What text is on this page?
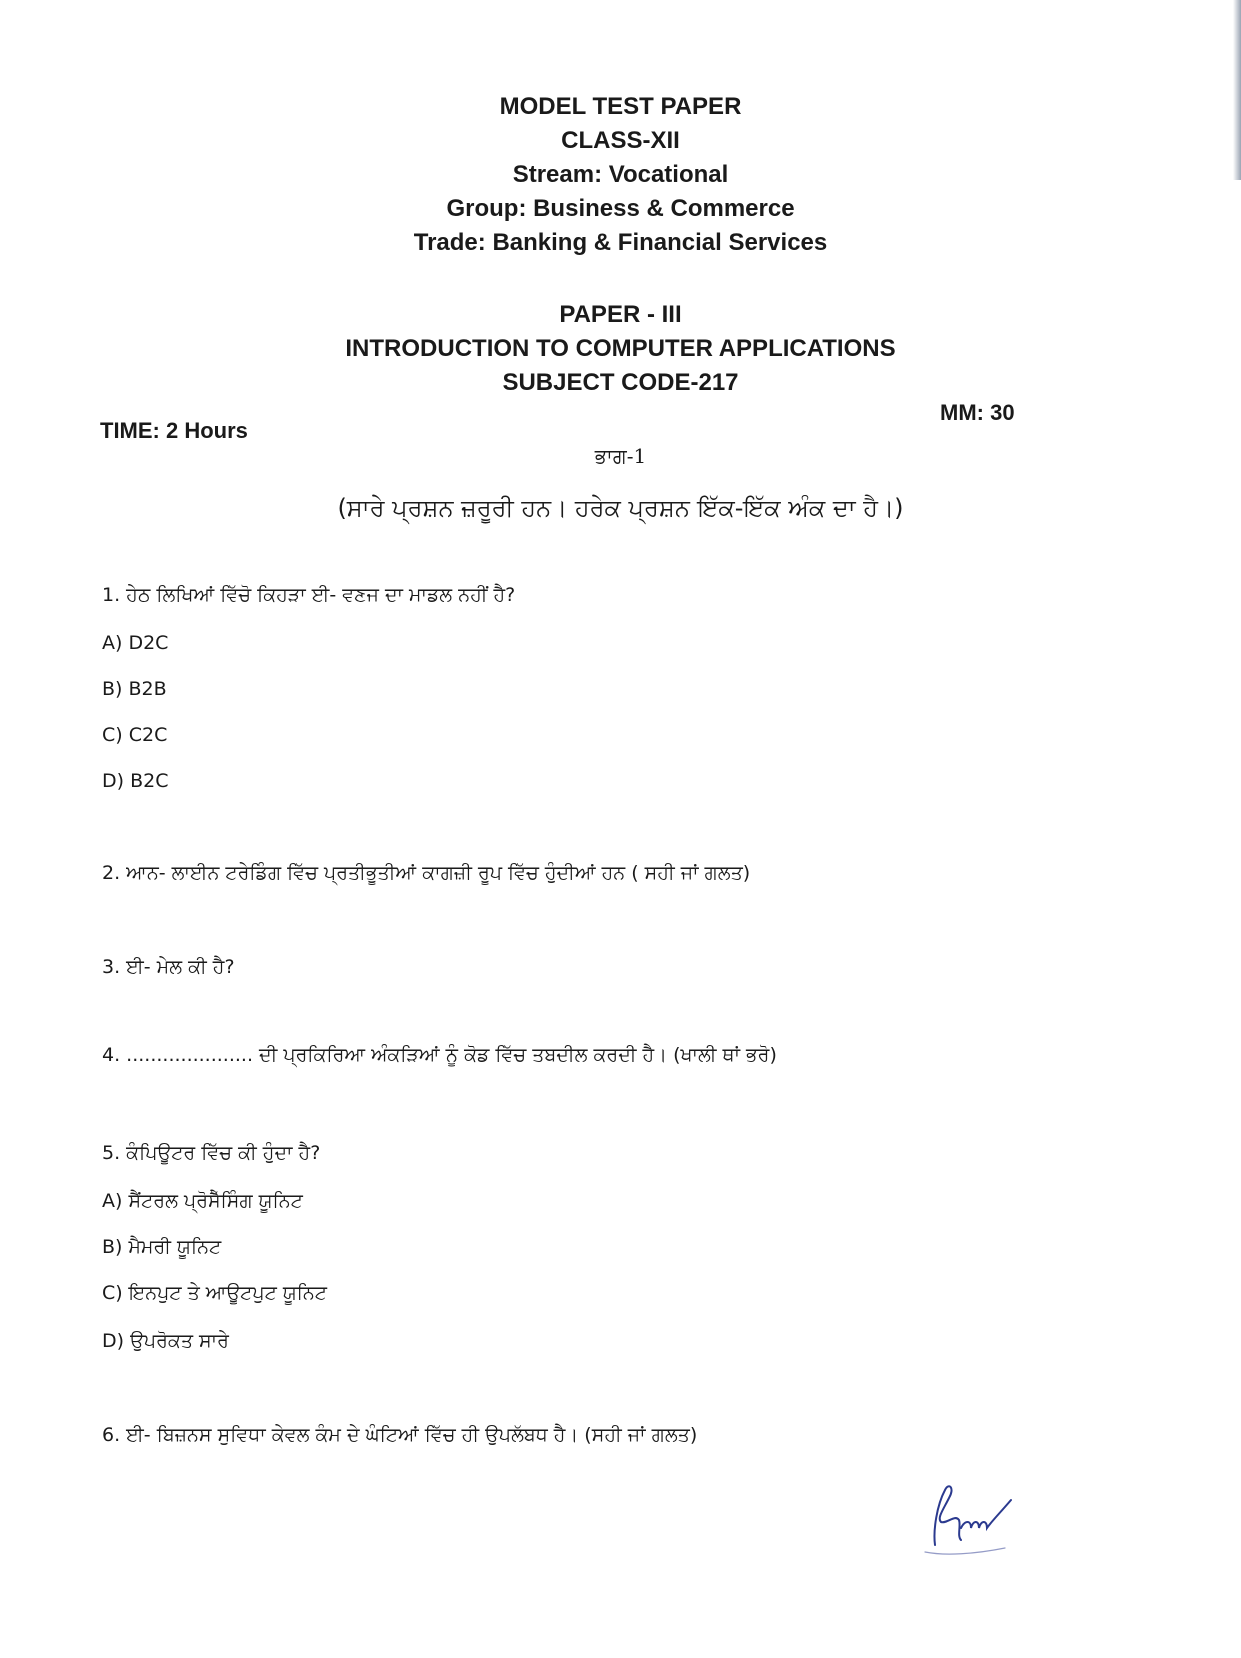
MODEL TEST PAPER
CLASS-XII
Stream: Vocational
Group: Business & Commerce
Trade: Banking & Financial Services
PAPER - III
INTRODUCTION TO COMPUTER APPLICATIONS
SUBJECT CODE-217
TIME: 2 Hours
MM: 30
ਭਾਗ-1
(ਸਾਰੇ ਪ੍ਰਸ਼ਨ ਜ਼ਰੂਰੀ ਹਨ। ਹਰੇਕ ਪ੍ਰਸ਼ਨ ਇੱਕ-ਇੱਕ ਅੰਕ ਦਾ ਹੈ।)
1. ਹੇਠ ਲਿਖਿਆਂ ਵਿੱਚੋ ਕਿਹੜਾ ਈ- ਵਣਜ ਦਾ ਮਾਡਲ ਨਹੀਂ ਹੈ?
A) D2C
B) B2B
C) C2C
D) B2C
2. ਆਨ- ਲਾਈਨ ਟਰੇਡਿੰਗ ਵਿੱਚ ਪ੍ਰਤੀਭੂਤੀਆਂ ਕਾਗਜ਼ੀ ਰੂਪ ਵਿੱਚ ਹੁੰਦੀਆਂ ਹਨ ( ਸਹੀ ਜਾਂ ਗਲਤ)
3. ਈ- ਮੇਲ ਕੀ ਹੈ?
4. ..................... ਦੀ ਪ੍ਰਕਿਰਿਆ ਅੰਕੜਿਆਂ ਨੂੰ ਕੋਡ ਵਿੱਚ ਤਬਦੀਲ ਕਰਦੀ ਹੈ। (ਖਾਲੀ ਥਾਂ ਭਰੋ)
5. ਕੰਪਿਊਟਰ ਵਿੱਚ ਕੀ ਹੁੰਦਾ ਹੈ?
A) ਸੈਂਟਰਲ ਪ੍ਰੋਸੈੱਸਿੰਗ ਯੂਨਿਟ
B) ਮੈਮਰੀ ਯੂਨਿਟ
C) ਇਨਪੁਟ ਤੇ ਆਊਟਪੁਟ ਯੂਨਿਟ
D) ਉਪਰੋਕਤ ਸਾਰੇ
6. ਈ- ਬਿਜ਼ਨਸ ਸੁਵਿਧਾ ਕੇਵਲ ਕੰਮ ਦੇ ਘੰਟਿਆਂ ਵਿੱਚ ਹੀ ਉਪਲੱਬਧ ਹੈ। (ਸਹੀ ਜਾਂ ਗਲਤ)
